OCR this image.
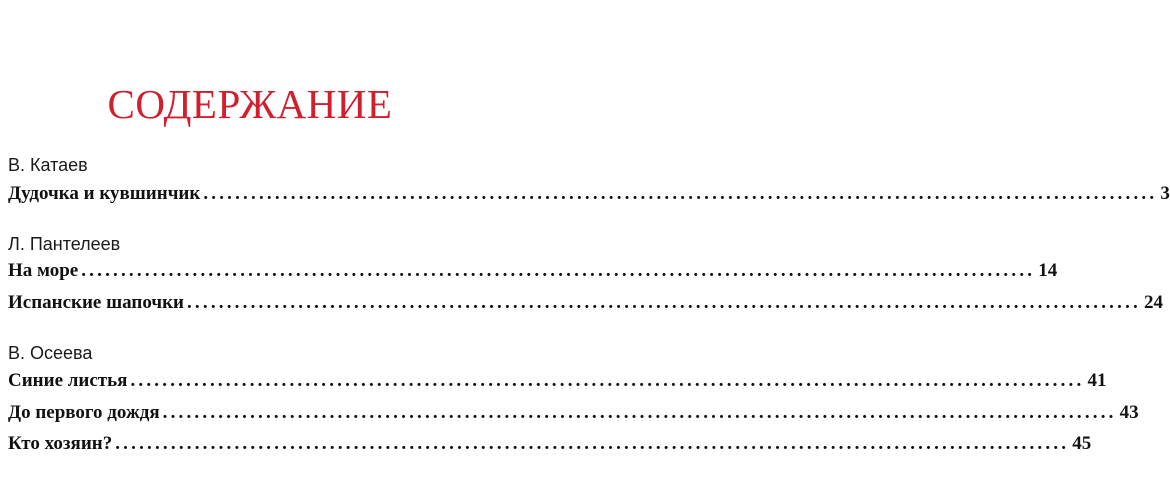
СОДЕРЖАНИЕ
В. Катаев
Дудочка и кувшинчик ........................................................................................................................ 3
Л. Пантелеев
На море ........................................................................................................................ 14
Испанские шапочки ........................................................................................................................ 24
В. Осеева
Синие листья ........................................................................................................................ 41
До первого дождя ........................................................................................................................ 43
Кто хозяин? ........................................................................................................................ 45
